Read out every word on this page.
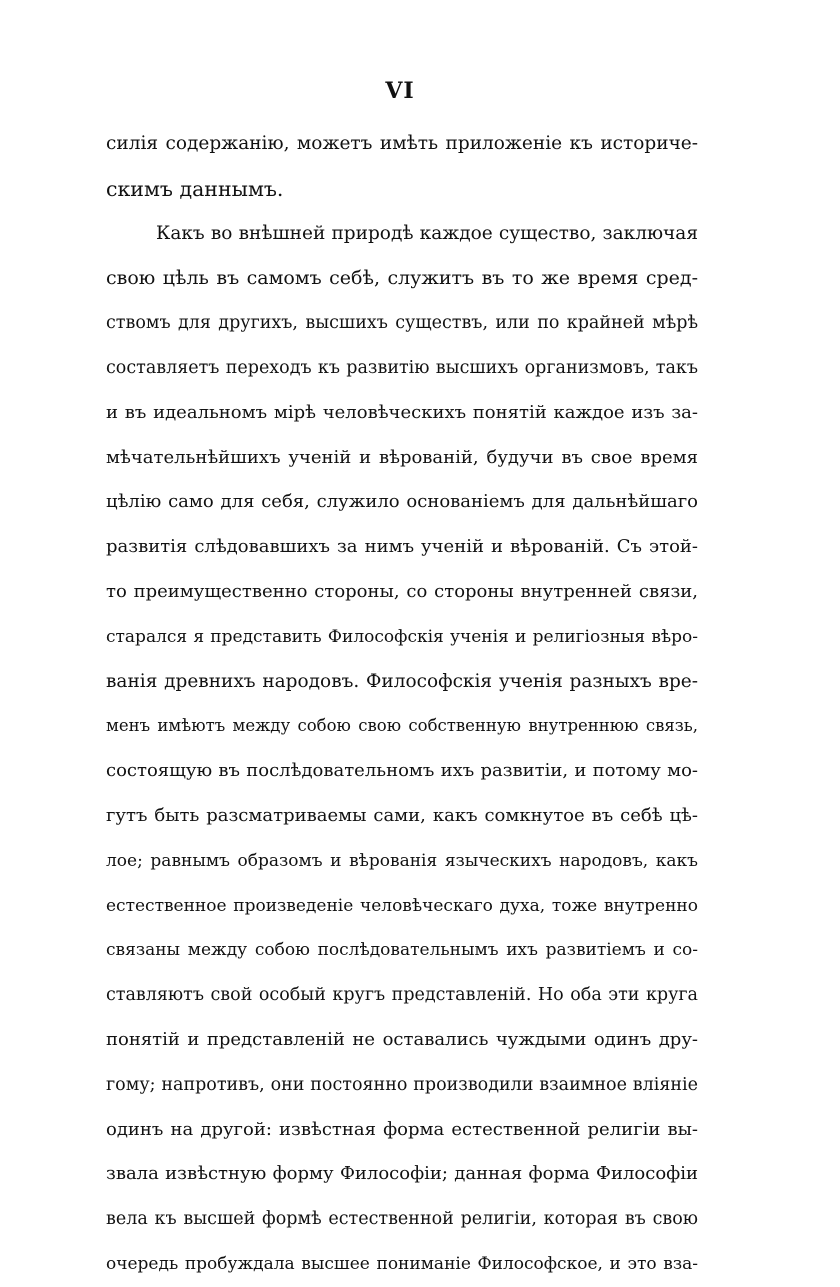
VI
силія содержанію, можетъ имѣть приложеніе къ историче-
скимъ даннымъ.
Какъ во внѣшней природѣ каждое существо, заключая
свою цѣль въ самомъ себѣ, служитъ въ то же время сред-
ствомъ для другихъ, высшихъ существъ, или по крайней мѣрѣ
составляетъ переходъ къ развитію высшихъ организмовъ, такъ
и въ идеальномъ мірѣ человѣческихъ понятій каждое изъ за-
мѣчательнѣйшихъ ученій и вѣрованій, будучи въ свое время
цѣлію само для себя, служило основаніемъ для дальнѣйшаго
развитія слѣдовавшихъ за нимъ ученій и вѣрованій. Съ этой-
то преимущественно стороны, со стороны внутренней связи,
старался я представить Философскія ученія и религіозныя вѣро-
ванія древнихъ народовъ. Философскія ученія разныхъ вре-
менъ имѣютъ между собою свою собственную внутреннюю связь,
состоящую въ послѣдовательномъ ихъ развитіи, и потому мо-
гутъ быть разсматриваемы сами, какъ сомкнутое въ себѣ цѣ-
лое; равнымъ образомъ и вѣрованія языческихъ народовъ, какъ
естественное произведеніе человѣческаго духа, тоже внутренно
связаны между собою послѣдовательнымъ ихъ развитіемъ и со-
ставляютъ свой особый кругъ представленій. Но оба эти круга
понятій и представленій не оставались чуждыми одинъ дру-
гому; напротивъ, они постоянно производили взаимное вліяніе
одинъ на другой: извѣстная форма естественной религіи вы-
звала извѣстную форму Философіи; данная форма Философіи
вела къ высшей формѣ естественной религіи, которая въ свою
очередь пробуждала высшее пониманіе Философское, и это вза-
